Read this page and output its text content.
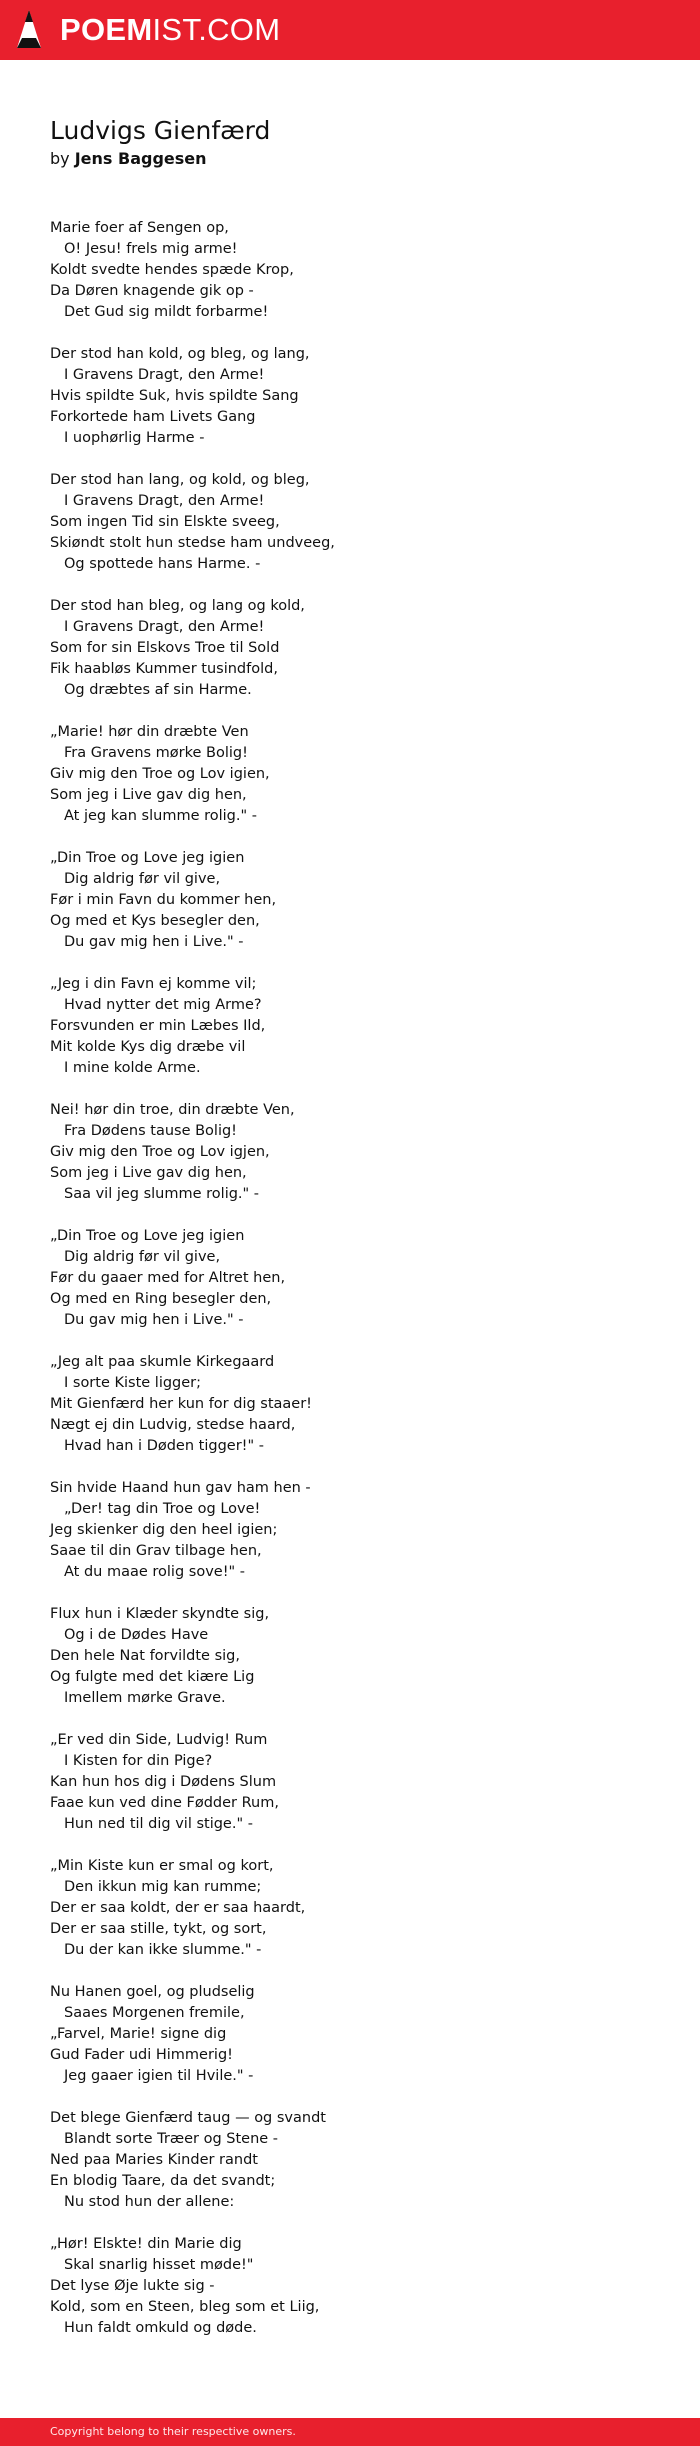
POEMIST.COM
Ludvigs Gienfærd
by Jens Baggesen
Marie foer af Sengen op,
O! Jesu! frels mig arme!
Koldt svedte hendes spæde Krop,
Da Døren knagende gik op -
Det Gud sig mildt forbarme!
Der stod han kold, og bleg, og lang,
I Gravens Dragt, den Arme!
Hvis spildte Suk, hvis spildte Sang
Forkortede ham Livets Gang
I uophørlig Harme -
Der stod han lang, og kold, og bleg,
I Gravens Dragt, den Arme!
Som ingen Tid sin Elskte sveeg,
Skiøndt stolt hun stedse ham undveeg,
Og spottede hans Harme. -
Der stod han bleg, og lang og kold,
I Gravens Dragt, den Arme!
Som for sin Elskovs Troe til Sold
Fik haabløs Kummer tusindfold,
Og dræbtes af sin Harme.
„Marie! hør din dræbte Ven
Fra Gravens mørke Bolig!
Giv mig den Troe og Lov igien,
Som jeg i Live gav dig hen,
At jeg kan slumme rolig." -
„Din Troe og Love jeg igien
Dig aldrig før vil give,
Før i min Favn du kommer hen,
Og med et Kys besegler den,
Du gav mig hen i Live." -
„Jeg i din Favn ej komme vil;
Hvad nytter det mig Arme?
Forsvunden er min Læbes Ild,
Mit kolde Kys dig dræbe vil
I mine kolde Arme.
Nei! hør din troe, din dræbte Ven,
Fra Dødens tause Bolig!
Giv mig den Troe og Lov igjen,
Som jeg i Live gav dig hen,
Saa vil jeg slumme rolig." -
„Din Troe og Love jeg igien
Dig aldrig før vil give,
Før du gaaer med for Altret hen,
Og med en Ring besegler den,
Du gav mig hen i Live." -
„Jeg alt paa skumle Kirkegaard
I sorte Kiste ligger;
Mit Gienfærd her kun for dig staaer!
Nægt ej din Ludvig, stedse haard,
Hvad han i Døden tigger!" -
Sin hvide Haand hun gav ham hen -
„Der! tag din Troe og Love!
Jeg skienker dig den heel igien;
Saae til din Grav tilbage hen,
At du maae rolig sove!" -
Flux hun i Klæder skyndte sig,
Og i de Dødes Have
Den hele Nat forvildte sig,
Og fulgte med det kiære Lig
Imellem mørke Grave.
„Er ved din Side, Ludvig! Rum
I Kisten for din Pige?
Kan hun hos dig i Dødens Slum
Faae kun ved dine Fødder Rum,
Hun ned til dig vil stige." -
„Min Kiste kun er smal og kort,
Den ikkun mig kan rumme;
Der er saa koldt, der er saa haardt,
Der er saa stille, tykt, og sort,
Du der kan ikke slumme." -
Nu Hanen goel, og pludselig
Saaes Morgenen fremile,
„Farvel, Marie! signe dig
Gud Fader udi Himmerig!
Jeg gaaer igien til Hvile." -
Det blege Gienfærd taug — og svandt
Blandt sorte Træer og Stene -
Ned paa Maries Kinder randt
En blodig Taare, da det svandt;
Nu stod hun der allene:
„Hør! Elskte! din Marie dig
Skal snarlig hisset møde!"
Det lyse Øje lukte sig -
Kold, som en Steen, bleg som et Liig,
Hun faldt omkuld og døde.
Copyright belong to their respective owners.
